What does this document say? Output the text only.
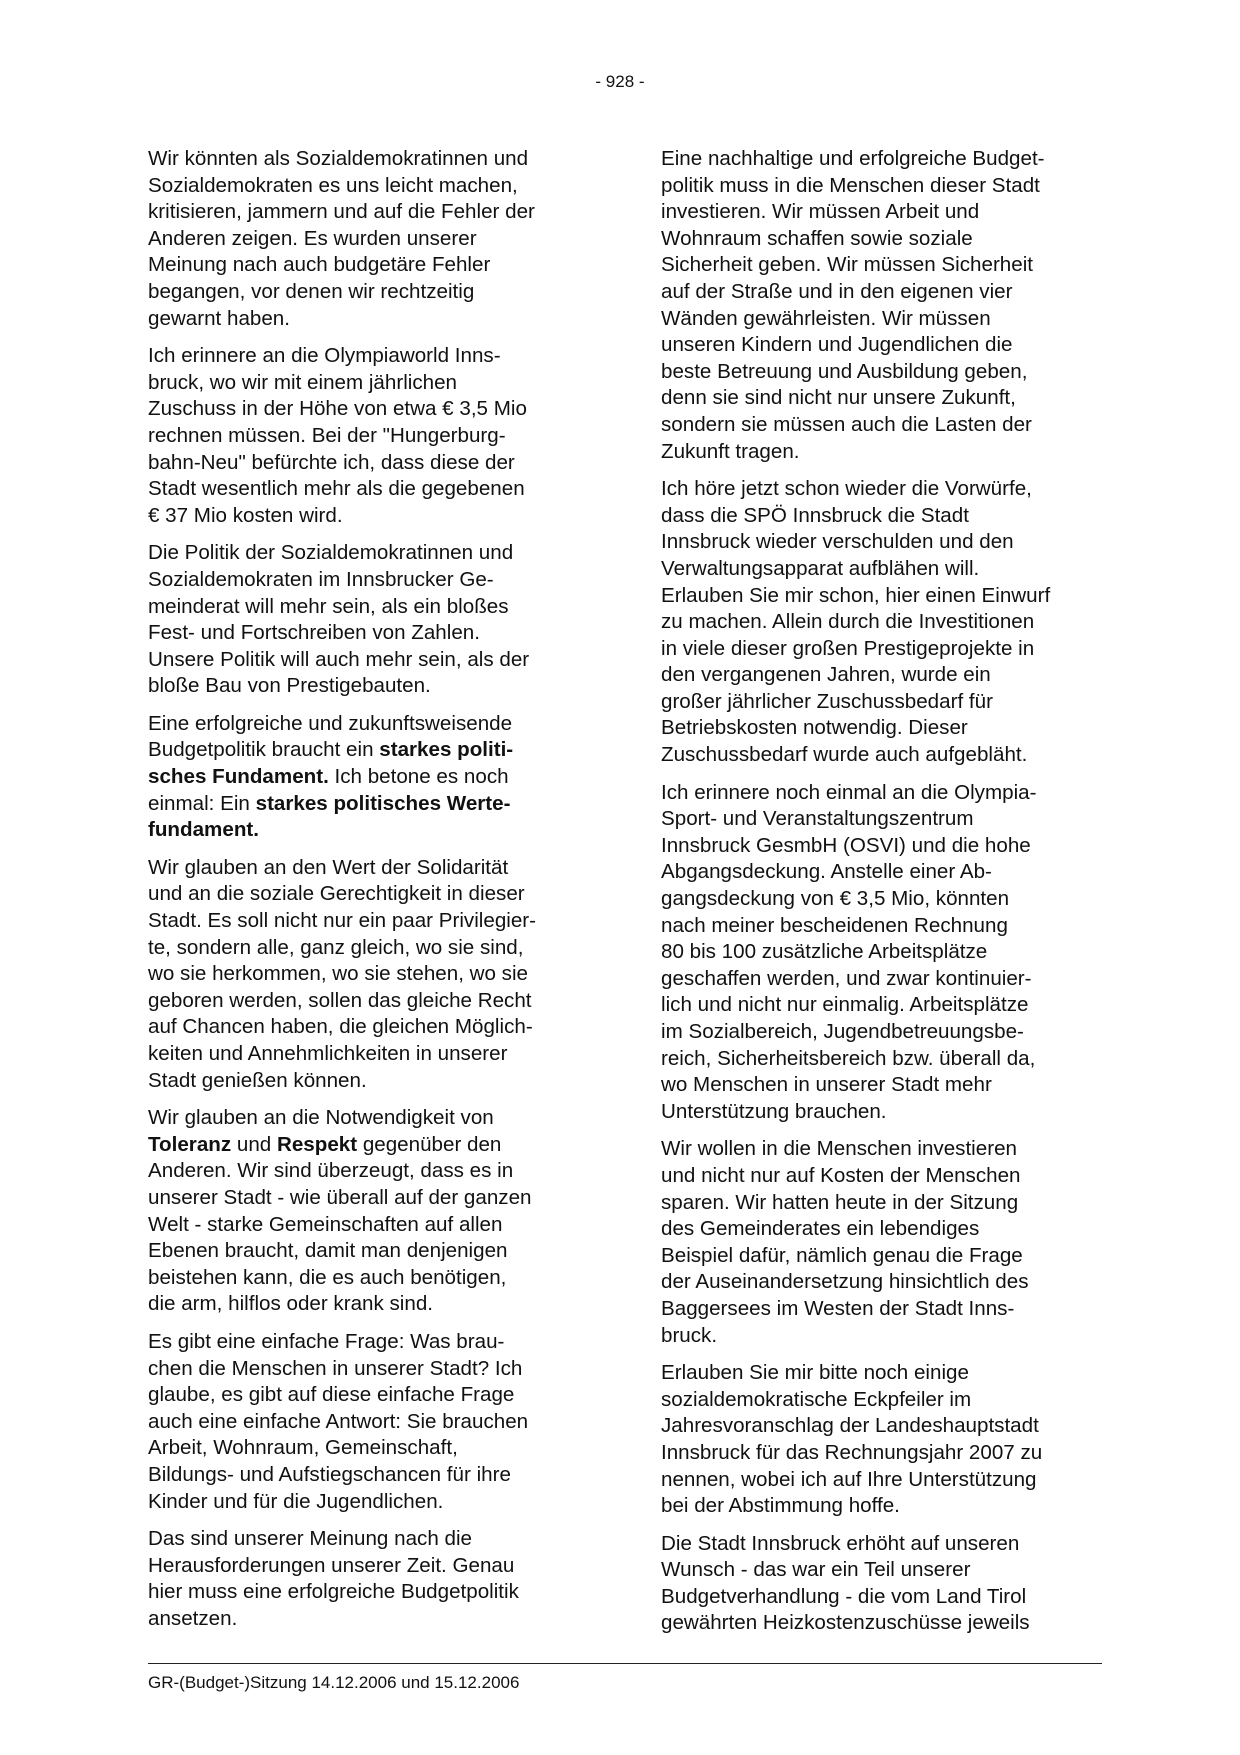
- 928 -

Wir könnten als Sozialdemokratinnen und
Sozialdemokraten es uns leicht machen,
kritisieren, jammern und auf die Fehler der
Anderen zeigen. Es wurden unserer
Meinung nach auch budgetäre Fehler
begangen, vor denen wir rechtzeitig
gewarnt haben.

Ich erinnere an die Olympiaworld Inns-
bruck, wo wir mit einem jährlichen
Zuschuss in der Höhe von etwa € 3,5 Mio
rechnen müssen. Bei der "Hungerburg-
bahn-Neu" befürchte ich, dass diese der
Stadt wesentlich mehr als die gegebenen
€ 37 Mio kosten wird.

Die Politik der Sozialdemokratinnen und
Sozialdemokraten im Innsbrucker Ge-
meinderat will mehr sein, als ein bloßes
Fest- und Fortschreiben von Zahlen.
Unsere Politik will auch mehr sein, als der
bloße Bau von Prestigebauten.

Eine erfolgreiche und zukunftsweisende
Budgetpolitik braucht ein starkes politi-
sches Fundament. Ich betone es noch
einmal: Ein starkes politisches Werte-
fundament.

Wir glauben an den Wert der Solidarität
und an die soziale Gerechtigkeit in dieser
Stadt. Es soll nicht nur ein paar Privilegier-
te, sondern alle, ganz gleich, wo sie sind,
wo sie herkommen, wo sie stehen, wo sie
geboren werden, sollen das gleiche Recht
auf Chancen haben, die gleichen Möglich-
keiten und Annehmlichkeiten in unserer
Stadt genießen können.

Wir glauben an die Notwendigkeit von
Toleranz und Respekt gegenüber den
Anderen. Wir sind überzeugt, dass es in
unserer Stadt - wie überall auf der ganzen
Welt - starke Gemeinschaften auf allen
Ebenen braucht, damit man denjenigen
beistehen kann, die es auch benötigen,
die arm, hilflos oder krank sind.

Es gibt eine einfache Frage: Was brau-
chen die Menschen in unserer Stadt? Ich
glaube, es gibt auf diese einfache Frage
auch eine einfache Antwort: Sie brauchen
Arbeit, Wohnraum, Gemeinschaft,
Bildungs- und Aufstiegschancen für ihre
Kinder und für die Jugendlichen.

Das sind unserer Meinung nach die
Herausforderungen unserer Zeit. Genau
hier muss eine erfolgreiche Budgetpolitik
ansetzen.

Eine nachhaltige und erfolgreiche Budget-
politik muss in die Menschen dieser Stadt
investieren. Wir müssen Arbeit und
Wohnraum schaffen sowie soziale
Sicherheit geben. Wir müssen Sicherheit
auf der Straße und in den eigenen vier
Wänden gewährleisten. Wir müssen
unseren Kindern und Jugendlichen die
beste Betreuung und Ausbildung geben,
denn sie sind nicht nur unsere Zukunft,
sondern sie müssen auch die Lasten der
Zukunft tragen.

Ich höre jetzt schon wieder die Vorwürfe,
dass die SPÖ Innsbruck die Stadt
Innsbruck wieder verschulden und den
Verwaltungsapparat aufblähen will.
Erlauben Sie mir schon, hier einen Einwurf
zu machen. Allein durch die Investitionen
in viele dieser großen Prestigeprojekte in
den vergangenen Jahren, wurde ein
großer jährlicher Zuschussbedarf für
Betriebskosten notwendig. Dieser
Zuschussbedarf wurde auch aufgebläht.

Ich erinnere noch einmal an die Olympia-
Sport- und Veranstaltungszentrum
Innsbruck GesmbH (OSVI) und die hohe
Abgangsdeckung. Anstelle einer Ab-
gangsdeckung von € 3,5 Mio, könnten
nach meiner bescheidenen Rechnung
80 bis 100 zusätzliche Arbeitsplätze
geschaffen werden, und zwar kontinuier-
lich und nicht nur einmalig. Arbeitsplätze
im Sozialbereich, Jugendbetreuungsbe-
reich, Sicherheitsbereich bzw. überall da,
wo Menschen in unserer Stadt mehr
Unterstützung brauchen.

Wir wollen in die Menschen investieren
und nicht nur auf Kosten der Menschen
sparen. Wir hatten heute in der Sitzung
des Gemeinderates ein lebendiges
Beispiel dafür, nämlich genau die Frage
der Auseinandersetzung hinsichtlich des
Baggersees im Westen der Stadt Inns-
bruck.

Erlauben Sie mir bitte noch einige
sozialdemokratische Eckpfeiler im
Jahresvoranschlag der Landeshauptstadt
Innsbruck für das Rechnungsjahr 2007 zu
nennen, wobei ich auf Ihre Unterstützung
bei der Abstimmung hoffe.

Die Stadt Innsbruck erhöht auf unseren
Wunsch - das war ein Teil unserer
Budgetverhandlung - die vom Land Tirol
gewährten Heizkostenzuschüsse jeweils

GR-(Budget-)Sitzung 14.12.2006 und 15.12.2006
